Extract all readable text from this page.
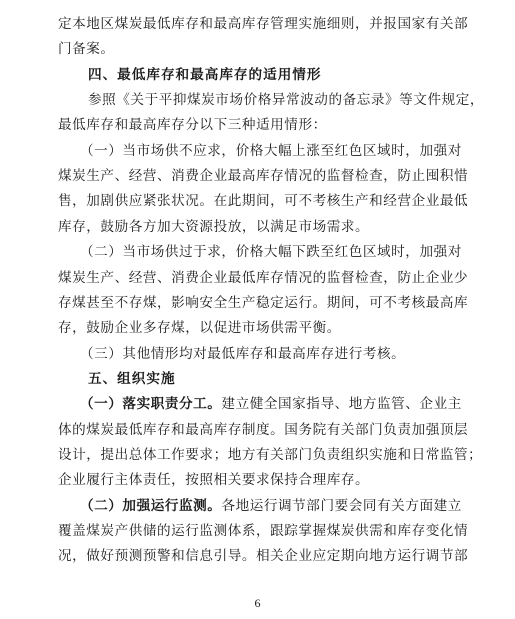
定本地区煤炭最低库存和最高库存管理实施细则，并报国家有关部
门备案。
四、最低库存和最高库存的适用情形
参照《关于平抑煤炭市场价格异常波动的备忘录》等文件规定，
最低库存和最高库存分以下三种适用情形：
（一）当市场供不应求，价格大幅上涨至红色区域时，加强对
煤炭生产、经营、消费企业最高库存情况的监督检查，防止囤积惜
售，加剧供应紧张状况。在此期间，可不考核生产和经营企业最低
库存，鼓励各方加大资源投放，以满足市场需求。
（二）当市场供过于求，价格大幅下跌至红色区域时，加强对
煤炭生产、经营、消费企业最低库存情况的监督检查，防止企业少
存煤甚至不存煤，影响安全生产稳定运行。期间，可不考核最高库
存，鼓励企业多存煤，以促进市场供需平衡。
（三）其他情形均对最低库存和最高库存进行考核。
五、组织实施
（一）落实职责分工。建立健全国家指导、地方监管、企业主
体的煤炭最低库存和最高库存制度。国务院有关部门负责加强顶层
设计，提出总体工作要求；地方有关部门负责组织实施和日常监管；
企业履行主体责任，按照相关要求保持合理库存。
（二）加强运行监测。各地运行调节部门要会同有关方面建立
覆盖煤炭产供储的运行监测体系，跟踪掌握煤炭供需和库存变化情
况，做好预测预警和信息引导。相关企业应定期向地方运行调节部
6
